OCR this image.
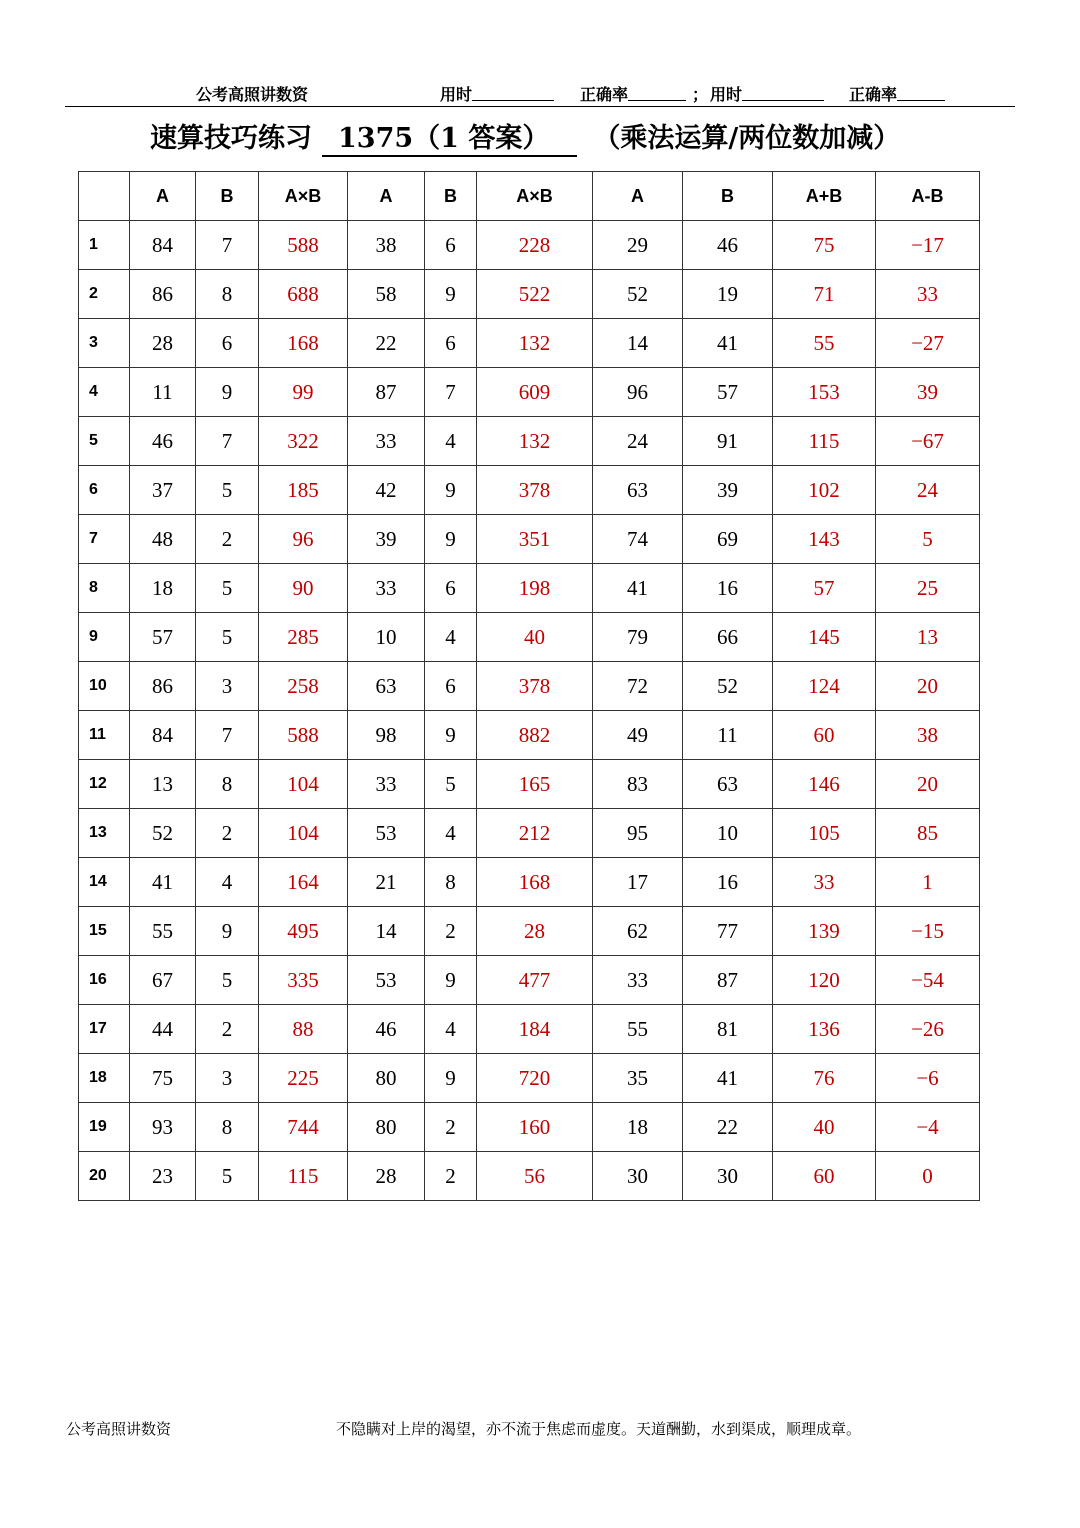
公考高照讲数资	用时	正确率	； 用时	正确率
速算技巧练习 1375（1 答案） （乘法运算/两位数加减）
	A	B	A×B	A	B	A×B	A	B	A+B	A-B
1	84	7	588	38	6	228	29	46	75	−17
2	86	8	688	58	9	522	52	19	71	33
3	28	6	168	22	6	132	14	41	55	−27
4	11	9	99	87	7	609	96	57	153	39
5	46	7	322	33	4	132	24	91	115	−67
6	37	5	185	42	9	378	63	39	102	24
7	48	2	96	39	9	351	74	69	143	5
8	18	5	90	33	6	198	41	16	57	25
9	57	5	285	10	4	40	79	66	145	13
10	86	3	258	63	6	378	72	52	124	20
11	84	7	588	98	9	882	49	11	60	38
12	13	8	104	33	5	165	83	63	146	20
13	52	2	104	53	4	212	95	10	105	85
14	41	4	164	21	8	168	17	16	33	1
15	55	9	495	14	2	28	62	77	139	−15
16	67	5	335	53	9	477	33	87	120	−54
17	44	2	88	46	4	184	55	81	136	−26
18	75	3	225	80	9	720	35	41	76	−6
19	93	8	744	80	2	160	18	22	40	−4
20	23	5	115	28	2	56	30	30	60	0
公考高照讲数资	不隐瞒对上岸的渴望，亦不流于焦虑而虚度。天道酬勤，水到渠成，顺理成章。
